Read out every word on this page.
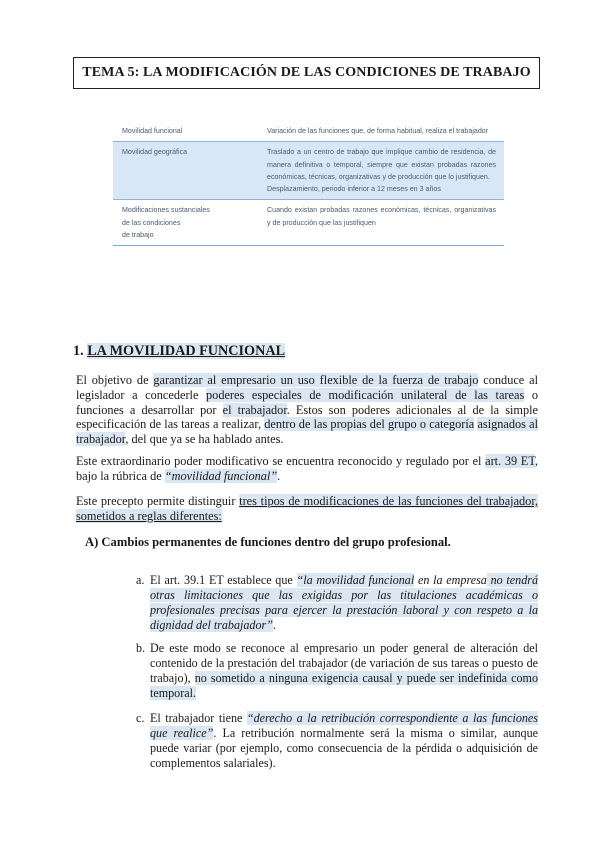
TEMA 5: LA MODIFICACIÓN DE LAS CONDICIONES DE TRABAJO
Movilidad funcional	Variación de las funciones que, de forma habitual, realiza el trabajador
Movilidad geográfica	Traslado a un centro de trabajo que implique cambio de residencia, de manera definitiva o temporal, siempre que existan probadas razones económicas, técnicas, organizativas y de producción que lo justifiquen.
Desplazamiento, periodo inferior a 12 meses en 3 años
Modificaciones sustanciales
de las condiciones
de trabajo	Cuando existan probadas razones económicas, técnicas, organizativas y de producción que las justifiquen
1. LA MOVILIDAD FUNCIONAL

El objetivo de garantizar al empresario un uso flexible de la fuerza de trabajo conduce al legislador a concederle poderes especiales de modificación unilateral de las tareas o funciones a desarrollar por el trabajador. Estos son poderes adicionales al de la simple especificación de las tareas a realizar, dentro de las propias del grupo o categoría asignados al trabajador, del que ya se ha hablado antes.

Este extraordinario poder modificativo se encuentra reconocido y regulado por el art. 39 ET, bajo la rúbrica de “movilidad funcional”.

Este precepto permite distinguir tres tipos de modificaciones de las funciones del trabajador, sometidos a reglas diferentes:

A) Cambios permanentes de funciones dentro del grupo profesional.
a. El art. 39.1 ET establece que “la movilidad funcional en la empresa no tendrá otras limitaciones que las exigidas por las titulaciones académicas o profesionales precisas para ejercer la prestación laboral y con respeto a la dignidad del trabajador”.
b. De este modo se reconoce al empresario un poder general de alteración del contenido de la prestación del trabajador (de variación de sus tareas o puesto de trabajo), no sometido a ninguna exigencia causal y puede ser indefinida como temporal.
c. El trabajador tiene “derecho a la retribución correspondiente a las funciones que realice”. La retribución normalmente será la misma o similar, aunque puede variar (por ejemplo, como consecuencia de la pérdida o adquisición de complementos salariales).
